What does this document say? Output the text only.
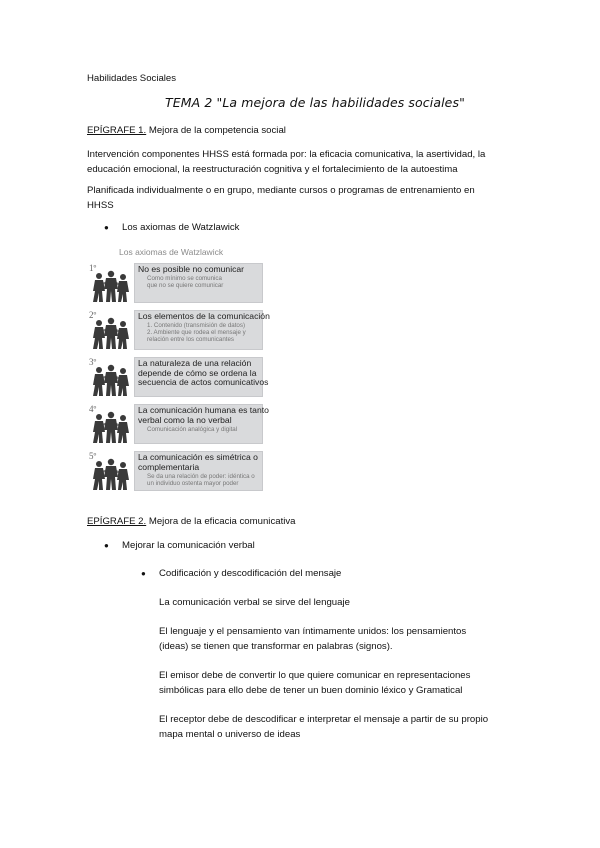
Habilidades Sociales
TEMA 2 "La mejora de las habilidades sociales"
EPÍGRAFE 1. Mejora de la competencia social
Intervención componentes HHSS está formada por: la eficacia comunicativa, la asertividad, la
educación emocional, la reestructuración cognitiva y el fortalecimiento de la autoestima
Planificada individualmente o en grupo, mediante cursos o programas de entrenamiento en
HHSS
● Los axiomas de Watzlawick
1º	No es posible no comunicar
Como mínimo se comunica
que no se quiere comunicar
2º	Los elementos de la comunicación
1. Contenido (transmisión de datos)
2. Ambiente que rodea el mensaje y
relación entre los comunicantes
3º	La naturaleza de una relación
depende de cómo se ordena la
secuencia de actos comunicativos
4º	La comunicación humana es tanto
verbal como la no verbal
Comunicación analógica y digital
5º	La comunicación es simétrica o
complementaria
Se da una relación de poder: idéntica o
un individuo ostenta mayor poder
Los axiomas de Watzlawick
EPÍGRAFE 2. Mejora de la eficacia comunicativa
● Mejorar la comunicación verbal
● Codificación y descodificación del mensaje
La comunicación verbal se sirve del lenguaje
El lenguaje y el pensamiento van íntimamente unidos: los pensamientos
(ideas) se tienen que transformar en palabras (signos).
El emisor debe de convertir lo que quiere comunicar en representaciones
simbólicas para ello debe de tener un buen dominio léxico y Gramatical
El receptor debe de descodificar e interpretar el mensaje a partir de su propio
mapa mental o universo de ideas
